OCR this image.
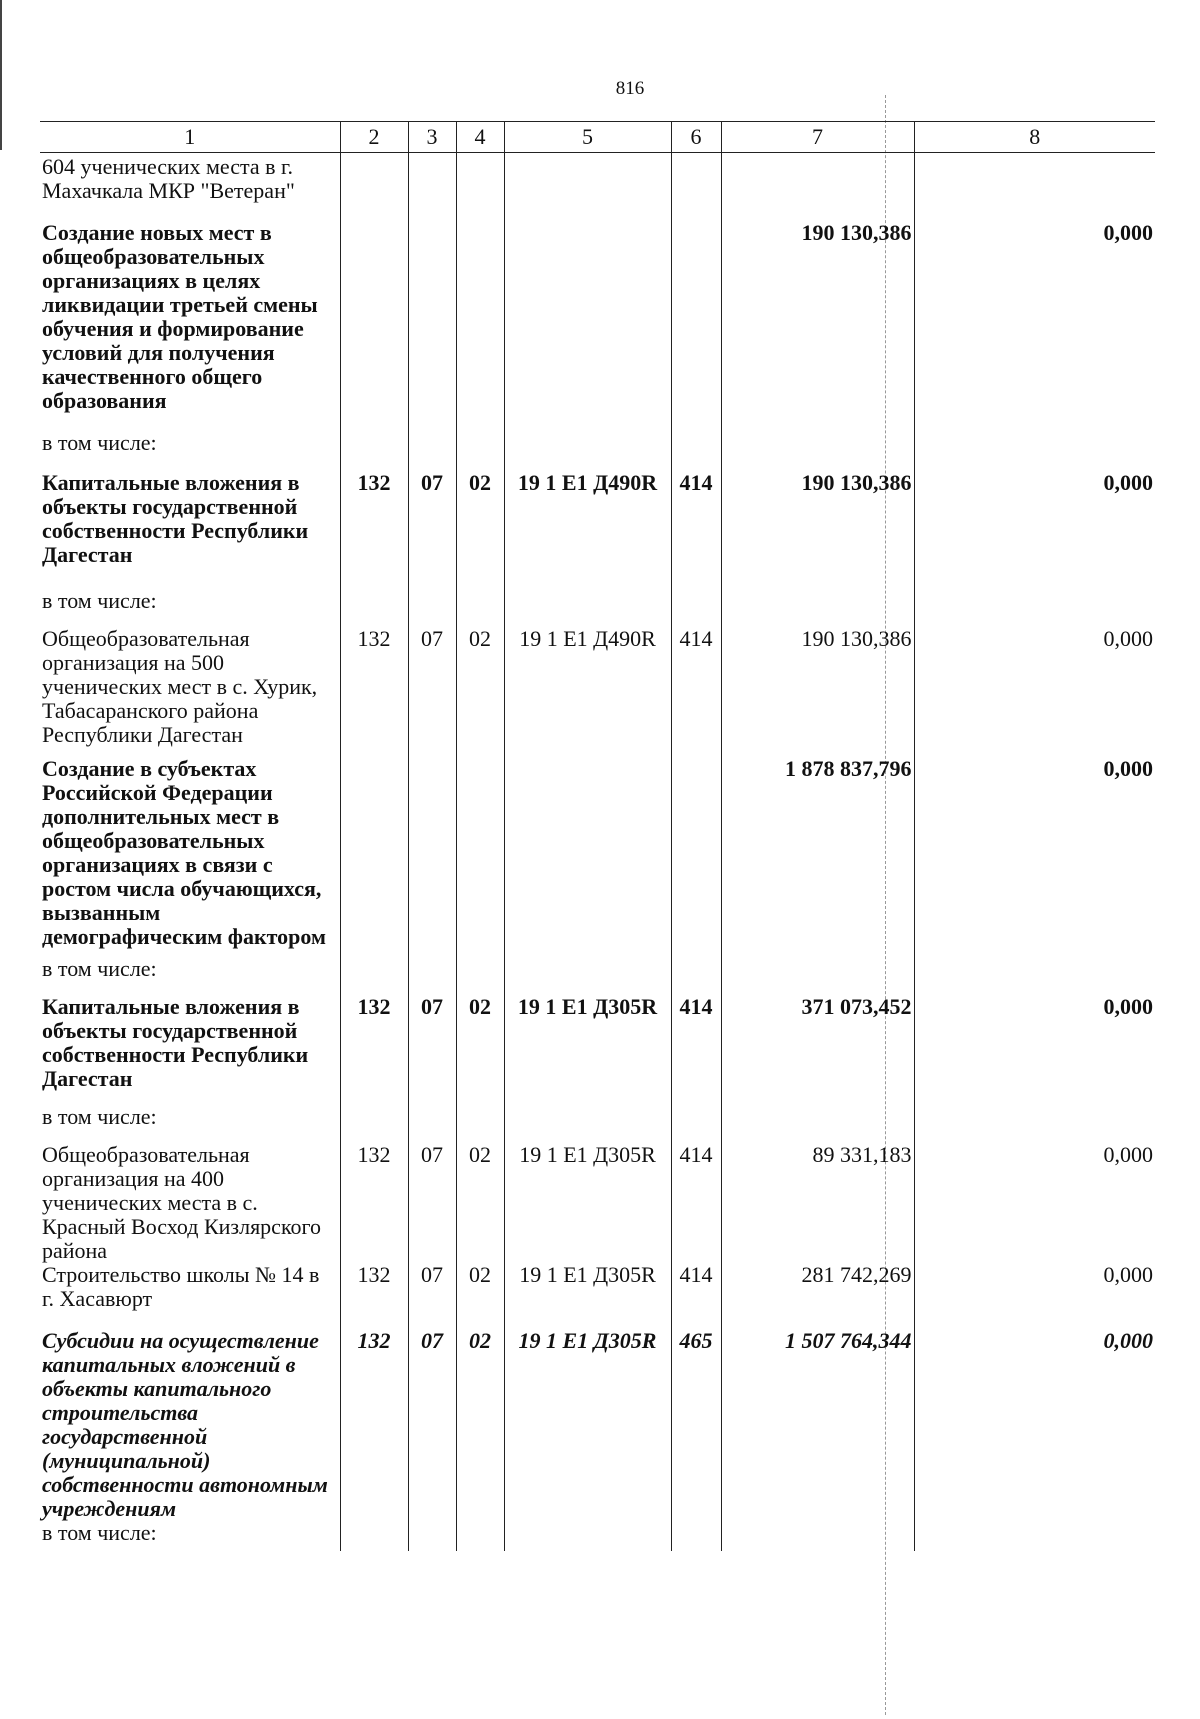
816
1	2	3	4	5	6	7	8
604 ученических места в г. Махачкала МКР "Ветеран"							
Создание новых мест в общеобразовательных организациях в целях ликвидации третьей смены обучения и формирование условий для получения качественного общего образования						190 130,386	0,000
в том числе:							
Капитальные вложения в объекты государственной собственности Республики Дагестан	132	07	02	19 1 E1 Д490R	414	190 130,386	0,000
в том числе:							
Общеобразовательная организация на 500 ученических мест в с. Хурик, Табасаранского района Республики Дагестан	132	07	02	19 1 E1 Д490R	414	190 130,386	0,000
Создание в субъектах Российской Федерации дополнительных мест в общеобразовательных организациях в связи с ростом числа обучающихся, вызванным демографическим фактором						1 878 837,796	0,000
в том числе:							
Капитальные вложения в объекты государственной собственности Республики Дагестан	132	07	02	19 1 E1 Д305R	414	371 073,452	0,000
в том числе:							
Общеобразовательная организация на 400 ученических места в с. Красный Восход Кизлярского района	132	07	02	19 1 E1 Д305R	414	89 331,183	0,000
Строительство школы № 14 в г. Хасавюрт	132	07	02	19 1 E1 Д305R	414	281 742,269	0,000
Субсидии на осуществление капитальных вложений в объекты капитального строительства государственной (муниципальной) собственности автономным учреждениям	132	07	02	19 1 E1 Д305R	465	1 507 764,344	0,000
в том числе:							
